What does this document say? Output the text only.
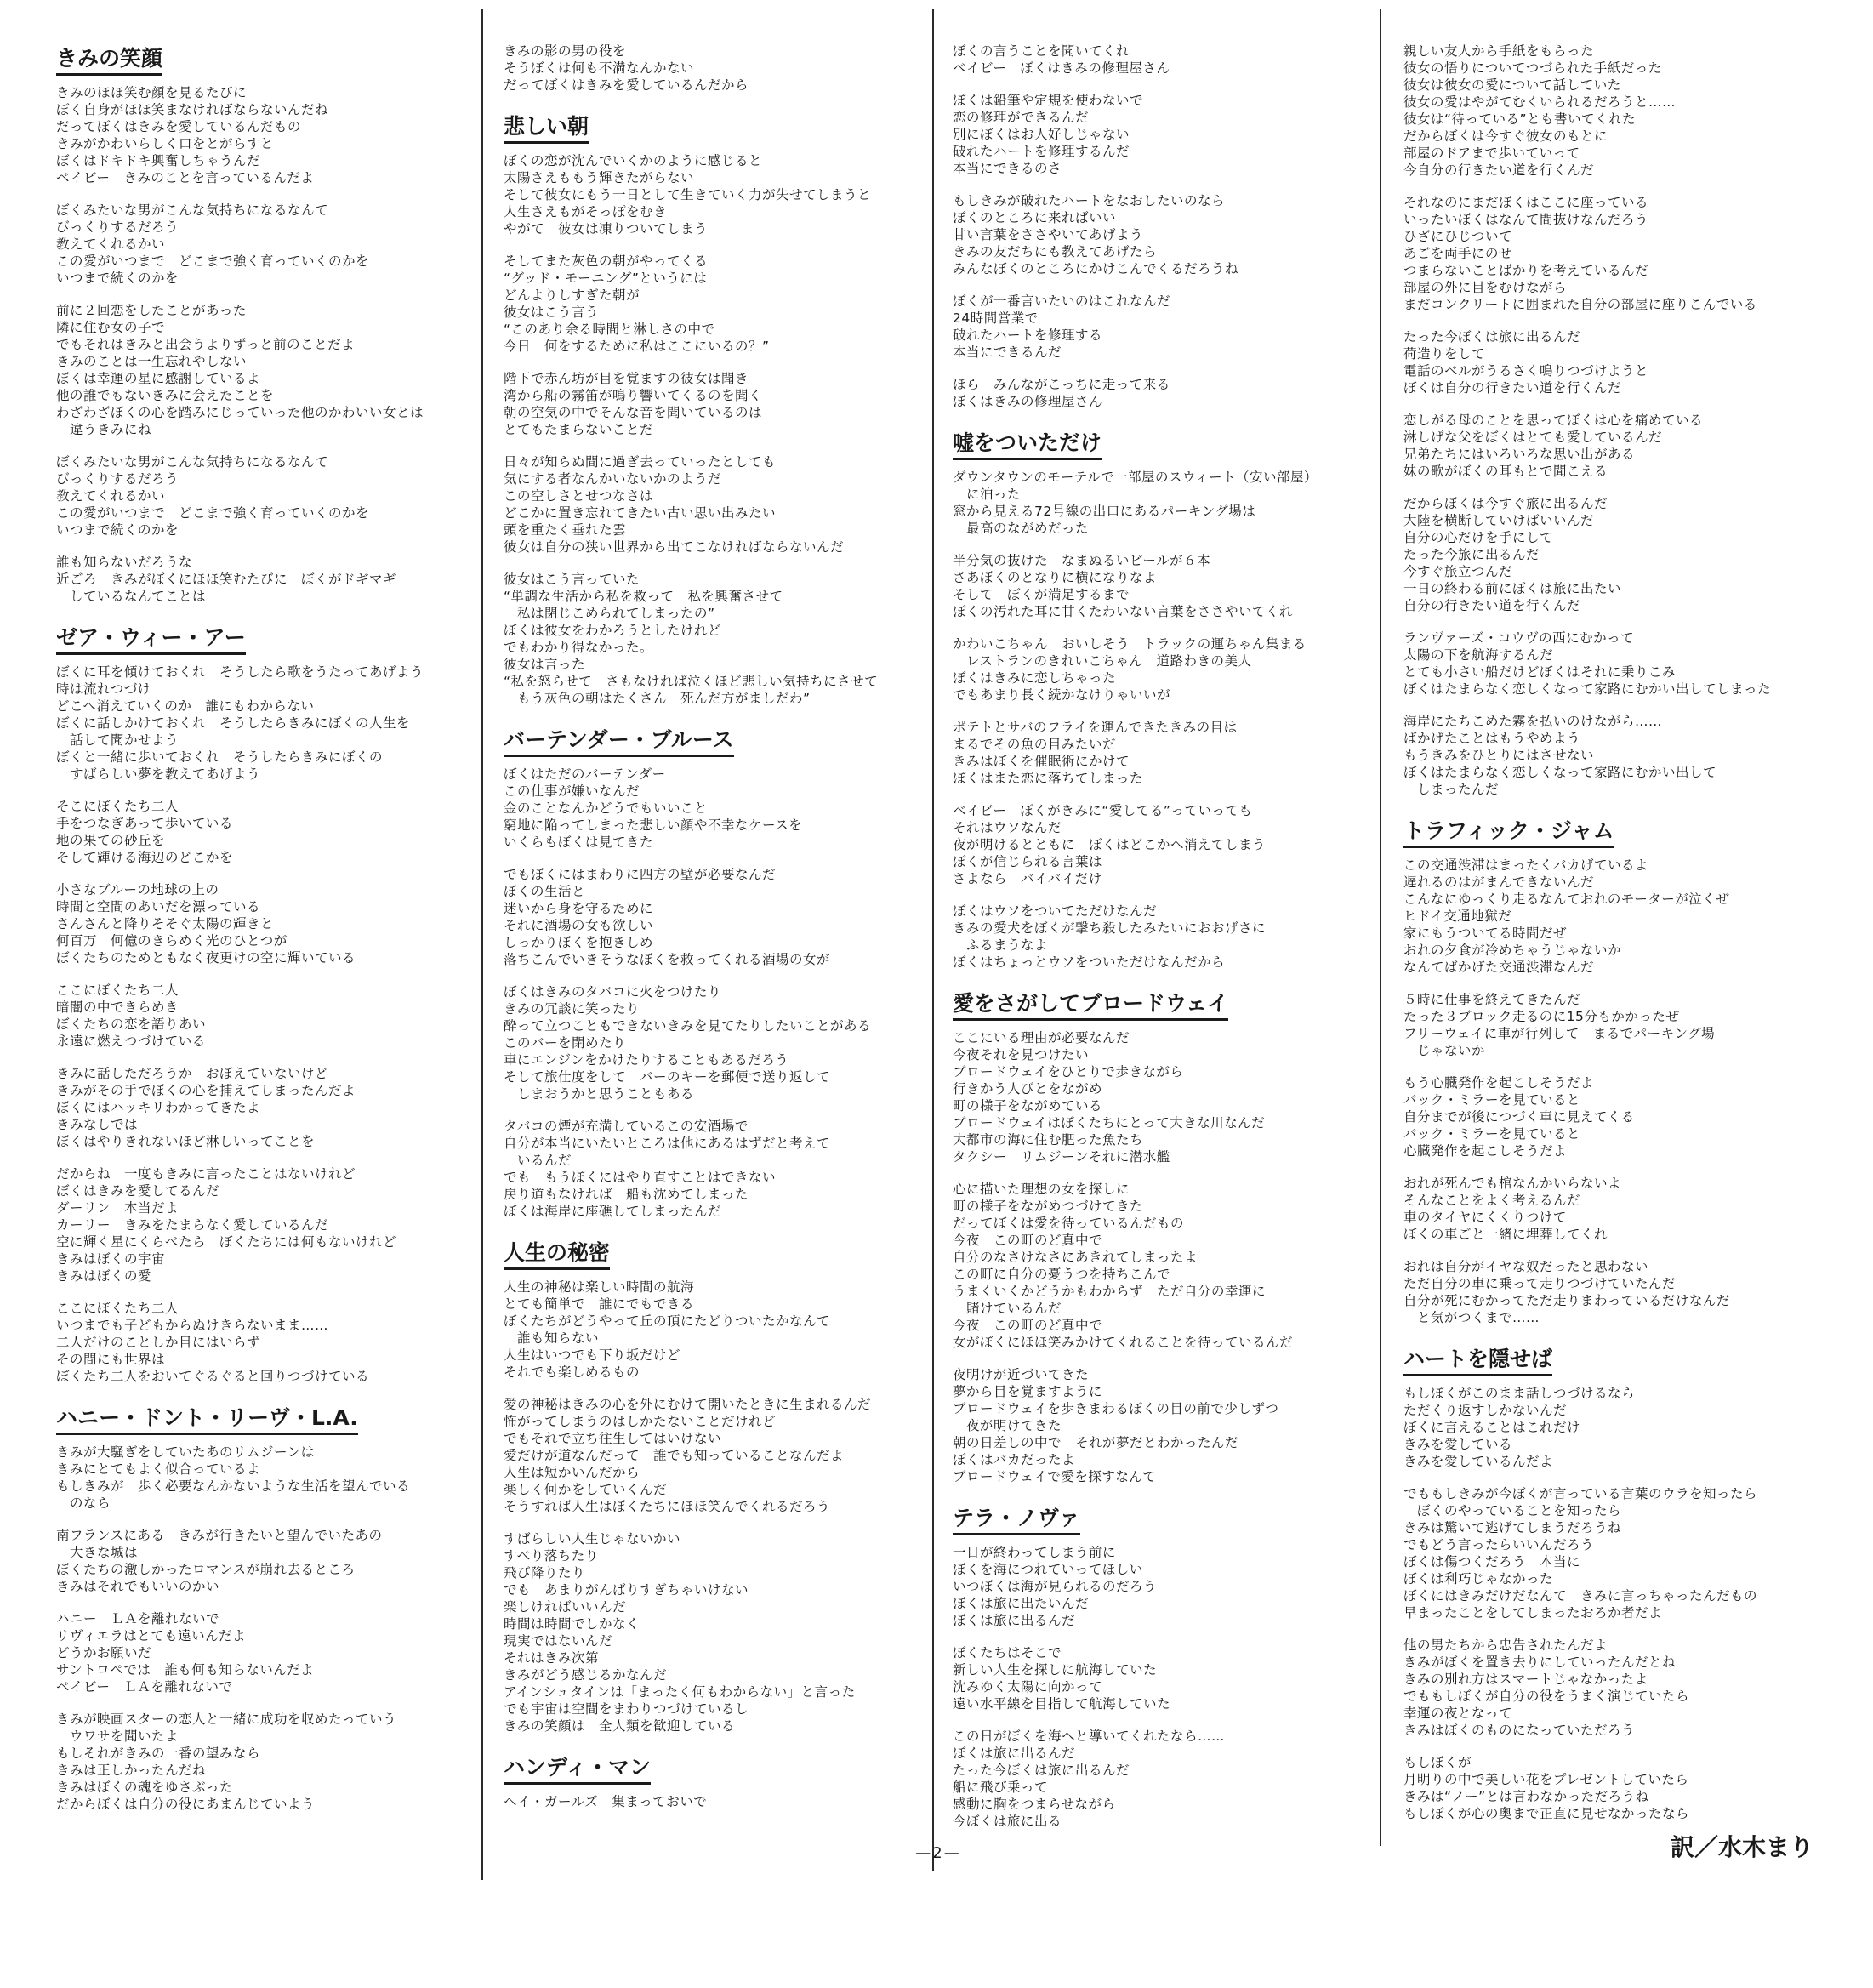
きみの笑顔

きみのほほ笑む顔を見るたびに
ぼく自身がほほ笑まなければならないんだね
だってぼくはきみを愛しているんだもの
きみがかわいらしく口をとがらすと
ぼくはドキドキ興奮しちゃうんだ
ベイビー　きみのことを言っているんだよ
ぼくみたいな男がこんな気持ちになるなんて
びっくりするだろう
教えてくれるかい
この愛がいつまで　どこまで強く育っていくのかを
いつまで続くのかを
前に２回恋をしたことがあった
隣に住む女の子で
でもそれはきみと出会うよりずっと前のことだよ
きみのことは一生忘れやしない
ぼくは幸運の星に感謝しているよ
他の誰でもないきみに会えたことを
わざわざぼくの心を踏みにじっていった他のかわいい女とは
　違うきみにね
ぼくみたいな男がこんな気持ちになるなんて
びっくりするだろう
教えてくれるかい
この愛がいつまで　どこまで強く育っていくのかを
いつまで続くのかを
誰も知らないだろうな
近ごろ　きみがぼくにほほ笑むたびに　ぼくがドギマギ
　しているなんてことは
ゼア・ウィー・アー

ぼくに耳を傾けておくれ　そうしたら歌をうたってあげよう
時は流れつづけ
どこへ消えていくのか　誰にもわからない
ぼくに話しかけておくれ　そうしたらきみにぼくの人生を
　話して聞かせよう
ぼくと一緒に歩いておくれ　そうしたらきみにぼくの
　すばらしい夢を教えてあげよう
そこにぼくたち二人
手をつなぎあって歩いている
地の果ての砂丘を
そして輝ける海辺のどこかを
小さなブルーの地球の上の
時間と空間のあいだを漂っている
さんさんと降りそそぐ太陽の輝きと
何百万　何億のきらめく光のひとつが
ぼくたちのためともなく夜更けの空に輝いている
ここにぼくたち二人
暗闇の中できらめき
ぼくたちの恋を語りあい
永遠に燃えつづけている
きみに話しただろうか　おぼえていないけど
きみがその手でぼくの心を捕えてしまったんだよ
ぼくにはハッキリわかってきたよ
きみなしでは
ぼくはやりきれないほど淋しいってことを
だからね　一度もきみに言ったことはないけれど
ぼくはきみを愛してるんだ
ダーリン　本当だよ
カーリー　きみをたまらなく愛しているんだ
空に輝く星にくらべたら　ぼくたちには何もないけれど
きみはぼくの宇宙
きみはぼくの愛
ここにぼくたち二人
いつまでも子どもからぬけきらないまま……
二人だけのことしか目にはいらず
その間にも世界は
ぼくたち二人をおいてぐるぐると回りつづけている
ハニー・ドント・リーヴ・L.A.

きみが大騒ぎをしていたあのリムジーンは
きみにとてもよく似合っているよ
もしきみが　歩く必要なんかないような生活を望んでいる
　のなら
南フランスにある　きみが行きたいと望んでいたあの
　大きな城は
ぼくたちの激しかったロマンスが崩れ去るところ
きみはそれでもいいのかい
ハニー　ＬＡを離れないで
リヴィエラはとても遠いんだよ
どうかお願いだ
サントロペでは　誰も何も知らないんだよ
ベイビー　ＬＡを離れないで
きみが映画スターの恋人と一緒に成功を収めたっていう
　ウワサを聞いたよ
もしそれがきみの一番の望みなら
きみは正しかったんだね
きみはぼくの魂をゆさぶった
だからぼくは自分の役にあまんじていよう
きみの影の男の役を
そうぼくは何も不満なんかない
だってぼくはきみを愛しているんだから
悲しい朝

ぼくの恋が沈んでいくかのように感じると
太陽さえももう輝きたがらない
そして彼女にもう一日として生きていく力が失せてしまうと
人生さえもがそっぽをむき
やがて　彼女は凍りついてしまう
そしてまた灰色の朝がやってくる
“グッド・モーニング”というには
どんよりしすぎた朝が
彼女はこう言う
“このあり余る時間と淋しさの中で
今日　何をするために私はここにいるの？”
階下で赤ん坊が目を覚ますの彼女は聞き
湾から船の霧笛が鳴り響いてくるのを聞く
朝の空気の中でそんな音を聞いているのは
とてもたまらないことだ
日々が知らぬ間に過ぎ去っていったとしても
気にする者なんかいないかのようだ
この空しさとせつなさは
どこかに置き忘れてきたい古い思い出みたい
頭を重たく垂れた雲
彼女は自分の狭い世界から出てこなければならないんだ
彼女はこう言っていた
“単調な生活から私を救って　私を興奮させて
　私は閉じこめられてしまったの”
ぼくは彼女をわかろうとしたけれど
でもわかり得なかった。
彼女は言った
“私を怒らせて　さもなければ泣くほど悲しい気持ちにさせて
　もう灰色の朝はたくさん　死んだ方がましだわ”
バーテンダー・ブルース

ぼくはただのバーテンダー
この仕事が嫌いなんだ
金のことなんかどうでもいいこと
窮地に陥ってしまった悲しい顔や不幸なケースを
いくらもぼくは見てきた
でもぼくにはまわりに四方の壁が必要なんだ
ぼくの生活と
迷いから身を守るために
それに酒場の女も欲しい
しっかりぼくを抱きしめ
落ちこんでいきそうなぼくを救ってくれる酒場の女が
ぼくはきみのタバコに火をつけたり
きみの冗談に笑ったり
酔って立つこともできないきみを見てたりしたいことがある
このバーを閉めたり
車にエンジンをかけたりすることもあるだろう
そして旅仕度をして　バーのキーを郵便で送り返して
　しまおうかと思うこともある
タバコの煙が充満しているこの安酒場で
自分が本当にいたいところは他にあるはずだと考えて
　いるんだ
でも　もうぼくにはやり直すことはできない
戻り道もなければ　船も沈めてしまった
ぼくは海岸に座礁してしまったんだ
人生の秘密

人生の神秘は楽しい時間の航海
とても簡単で　誰にでもできる
ぼくたちがどうやって丘の頂にたどりついたかなんて
　誰も知らない
人生はいつでも下り坂だけど
それでも楽しめるもの
愛の神秘はきみの心を外にむけて開いたときに生まれるんだ
怖がってしまうのはしかたないことだけれど
でもそれで立ち往生してはいけない
愛だけが道なんだって　誰でも知っていることなんだよ
人生は短かいんだから
楽しく何かをしていくんだ
そうすれば人生はぼくたちにほほ笑んでくれるだろう
すばらしい人生じゃないかい
すべり落ちたり
飛び降りたり
でも　あまりがんばりすぎちゃいけない
楽しければいいんだ
時間は時間でしかなく
現実ではないんだ
それはきみ次第
きみがどう感じるかなんだ
アインシュタインは「まったく何もわからない」と言った
でも宇宙は空間をまわりつづけているし
きみの笑顔は　全人類を歓迎している
ハンディ・マン

ヘイ・ガールズ　集まっておいで
ぼくの言うことを聞いてくれ
ベイビー　ぼくはきみの修理屋さん
ぼくは鉛筆や定規を使わないで
恋の修理ができるんだ
別にぼくはお人好しじゃない
破れたハートを修理するんだ
本当にできるのさ
もしきみが破れたハートをなおしたいのなら
ぼくのところに来ればいい
甘い言葉をささやいてあげよう
きみの友だちにも教えてあげたら
みんなぼくのところにかけこんでくるだろうね
ぼくが一番言いたいのはこれなんだ
24時間営業で
破れたハートを修理する
本当にできるんだ
ほら　みんながこっちに走って来る
ぼくはきみの修理屋さん
嘘をついただけ

ダウンタウンのモーテルで一部屋のスウィート（安い部屋）
　に泊った
窓から見える72号線の出口にあるパーキング場は
　最高のながめだった
半分気の抜けた　なまぬるいビールが６本
さあぼくのとなりに横になりなよ
そして　ぼくが満足するまで
ぼくの汚れた耳に甘くたわいない言葉をささやいてくれ
かわいこちゃん　おいしそう　トラックの運ちゃん集まる
　レストランのきれいこちゃん　道路わきの美人
ぼくはきみに恋しちゃった
でもあまり長く続かなけりゃいいが
ポテトとサバのフライを運んできたきみの目は
まるでその魚の目みたいだ
きみはぼくを催眠術にかけて
ぼくはまた恋に落ちてしまった
ベイビー　ぼくがきみに“愛してる”っていっても
それはウソなんだ
夜が明けるとともに　ぼくはどこかへ消えてしまう
ぼくが信じられる言葉は
さよなら　バイバイだけ
ぼくはウソをついてただけなんだ
きみの愛犬をぼくが撃ち殺したみたいにおおげさに
　ふるまうなよ
ぼくはちょっとウソをついただけなんだから
愛をさがしてブロードウェイ

ここにいる理由が必要なんだ
今夜それを見つけたい
ブロードウェイをひとりで歩きながら
行きかう人びとをながめ
町の様子をながめている
ブロードウェイはぼくたちにとって大きな川なんだ
大都市の海に住む肥った魚たち
タクシー　リムジーンそれに潜水艦
心に描いた理想の女を探しに
町の様子をながめつづけてきた
だってぼくは愛を待っているんだもの
今夜　この町のど真中で
自分のなさけなさにあきれてしまったよ
この町に自分の憂うつを持ちこんで
うまくいくかどうかもわからず　ただ自分の幸運に
　賭けているんだ
今夜　この町のど真中で
女がぼくにほほ笑みかけてくれることを待っているんだ
夜明けが近づいてきた
夢から目を覚ますように
ブロードウェイを歩きまわるぼくの目の前で少しずつ
　夜が明けてきた
朝の日差しの中で　それが夢だとわかったんだ
ぼくはバカだったよ
ブロードウェイで愛を探すなんて
テラ・ノヴァ

一日が終わってしまう前に
ぼくを海につれていってほしい
いつぼくは海が見られるのだろう
ぼくは旅に出たいんだ
ぼくは旅に出るんだ
ぼくたちはそこで
新しい人生を探しに航海していた
沈みゆく太陽に向かって
遠い水平線を目指して航海していた
この日がぼくを海へと導いてくれたなら……
ぼくは旅に出るんだ
たった今ぼくは旅に出るんだ
船に飛び乗って
感動に胸をつまらせながら
今ぼくは旅に出る
親しい友人から手紙をもらった
彼女の悟りについてつづられた手紙だった
彼女は彼女の愛について話していた
彼女の愛はやがてむくいられるだろうと……
彼女は“待っている”とも書いてくれた
だからぼくは今すぐ彼女のもとに
部屋のドアまで歩いていって
今自分の行きたい道を行くんだ
それなのにまだぼくはここに座っている
いったいぼくはなんて間抜けなんだろう
ひざにひじついて
あごを両手にのせ
つまらないことばかりを考えているんだ
部屋の外に目をむけながら
まだコンクリートに囲まれた自分の部屋に座りこんでいる
たった今ぼくは旅に出るんだ
荷造りをして
電話のベルがうるさく鳴りつづけようと
ぼくは自分の行きたい道を行くんだ
恋しがる母のことを思ってぼくは心を痛めている
淋しげな父をぼくはとても愛しているんだ
兄弟たちにはいろいろな思い出がある
妹の歌がぼくの耳もとで聞こえる
だからぼくは今すぐ旅に出るんだ
大陸を横断していけばいいんだ
自分の心だけを手にして
たった今旅に出るんだ
今すぐ旅立つんだ
一日の終わる前にぼくは旅に出たい
自分の行きたい道を行くんだ
ランヴァーズ・コウヴの西にむかって
太陽の下を航海するんだ
とても小さい船だけどぼくはそれに乗りこみ
ぼくはたまらなく恋しくなって家路にむかい出してしまった
海岸にたちこめた霧を払いのけながら……
ばかげたことはもうやめよう
もうきみをひとりにはさせない
ぼくはたまらなく恋しくなって家路にむかい出して
　しまったんだ
トラフィック・ジャム

この交通渋滞はまったくバカげているよ
遅れるのはがまんできないんだ
こんなにゆっくり走るなんておれのモーターが泣くぜ
ヒドイ交通地獄だ
家にもうついてる時間だぜ
おれの夕食が冷めちゃうじゃないか
なんてばかげた交通渋滞なんだ
５時に仕事を終えてきたんだ
たった３ブロック走るのに15分もかかったぜ
フリーウェイに車が行列して　まるでパーキング場
　じゃないか
もう心臓発作を起こしそうだよ
バック・ミラーを見ていると
自分までが後につづく車に見えてくる
バック・ミラーを見ていると
心臓発作を起こしそうだよ
おれが死んでも棺なんかいらないよ
そんなことをよく考えるんだ
車のタイヤにくくりつけて
ぼくの車ごと一緒に埋葬してくれ
おれは自分がイヤな奴だったと思わない
ただ自分の車に乗って走りつづけていたんだ
自分が死にむかってただ走りまわっているだけなんだ
　と気がつくまで……
ハートを隠せば

もしぼくがこのまま話しつづけるなら
ただくり返すしかないんだ
ぼくに言えることはこれだけ
きみを愛している
きみを愛しているんだよ
でももしきみが今ぼくが言っている言葉のウラを知ったら
　ぼくのやっていることを知ったら
きみは驚いて逃げてしまうだろうね
でもどう言ったらいいんだろう
ぼくは傷つくだろう　本当に
ぼくは利巧じゃなかった
ぼくにはきみだけだなんて　きみに言っちゃったんだもの
早まったことをしてしまったおろか者だよ
他の男たちから忠告されたんだよ
きみがぼくを置き去りにしていったんだとね
きみの別れ方はスマートじゃなかったよ
でももしぼくが自分の役をうまく演じていたら
幸運の夜となって
きみはぼくのものになっていただろう
もしぼくが
月明りの中で美しい花をプレゼントしていたら
きみは“ノー”とは言わなかっただろうね
もしぼくが心の奥まで正直に見せなかったなら
—2—	訳／水木まり
